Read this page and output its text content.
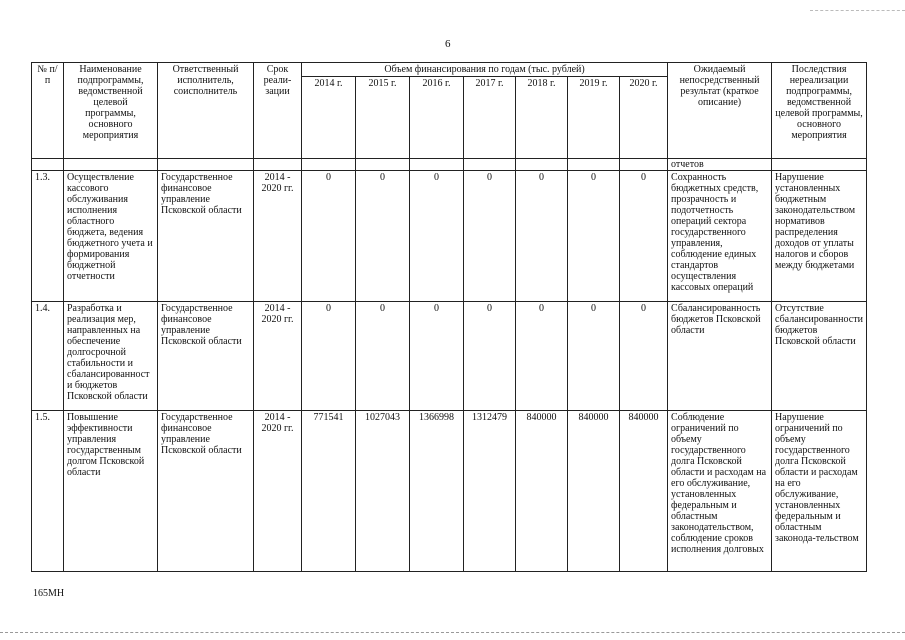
6
№ п/п	Наименование подпрограммы, ведомственной целевой программы, основного мероприятия	Ответственный исполнитель, соисполнитель	Срок реали-зации	Объем финансирования по годам (тыс. рублей)							Ожидаемый непосредственный результат (краткое описание)	Последствия нереализации подпрограммы, ведомственной целевой программы, основного мероприятия
				2014 г.	2015 г.	2016 г.	2017 г.	2018 г.	2019 г.	2020 г.		
											отчетов	
1.3.	Осуществление кассового обслуживания исполнения областного бюджета, ведения бюджетного учета и формирования бюджетной отчетности	Государственное финансовое управление Псковской области	2014 - 2020 гг.	0	0	0	0	0	0	0	Сохранность бюджетных средств, прозрачность и подотчетность операций сектора государственного управления, соблюдение единых стандартов осуществления кассовых операций	Нарушение установленных бюджетным законодательством нормативов распределения доходов от уплаты налогов и сборов между бюджетами
1.4.	Разработка и реализация мер, направленных на обеспечение долгосрочной стабильности и сбалансированности бюджетов Псковской области	Государственное финансовое управление Псковской области	2014 - 2020 гг.	0	0	0	0	0	0	0	Сбалансированность бюджетов Псковской области	Отсутствие сбалансированности бюджетов Псковской области
1.5.	Повышение эффективности управления государственным долгом Псковской области	Государственное финансовое управление Псковской области	2014 - 2020 гг.	771541	1027043	1366998	1312479	840000	840000	840000	Соблюдение ограничений по объему государственного долга Псковской области и расходам на его обслуживание, установленных федеральным и областным законодательством, соблюдение сроков исполнения долговых	Нарушение ограничений по объему государственного долга Псковской области и расходам на его обслуживание, установленных федеральным и областным законода-тельством
165МН
